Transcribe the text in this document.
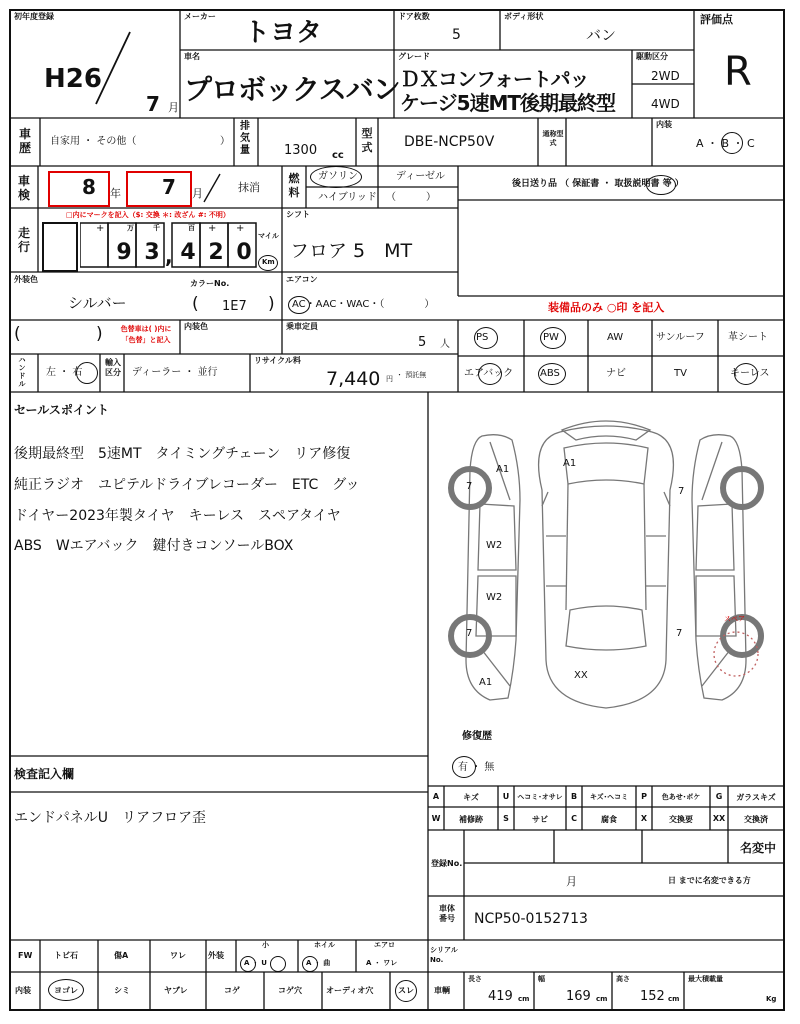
初年度登録
H26
7 月
メーカー
トヨタ
ドア枚数
5
ボディ形状
バン
評価点
R
車名
プロボックスバン
グレード
ＤＸコンフォートパッ
ケージ5速MT後期最終型
駆動区分
2WD
4WD
車歴 自家用 ・ その他（	）
排気量	1300 cc
型式 DBE-NCP50V	通称型式
内装
A ・ B ・ C
車検	8 年 7 月	抹消
燃料
ガソリン	ディーゼル
ハイブリッド （　　　）
後日送り品 （ 保証書 ・ 取扱説明書 等 ）
走行
□内にマークを記入（$: 交換 ＊: 改ざん #: 不明）
+	万	千	百 + +
9 3 , 4 2 0
マイル
Km
シフト
フロア 5　MT
外装色
シルバー
カラーNo.
( 1E7 )
エアコン
AC・AAC・WAC・（　　　　）	装備品のみ ○印 を記入
(	)	色替車は( )内に「色替」と記入
内装色	乗車定員
5 人
PS	PW	AW	サンルーフ 革シート
エアバック	ABS	ナビ	TV	キーレス
ハンドル
左 ・ 右
輸入区分 ディーラー ・ 並行
リサイクル料
7,440 円 ・ 預託無
セールスポイント
後期最終型　5速MT　タイミングチェーン　リア修復
純正ラジオ　ユピテルドライブレコーダー　ETC　グッ
ドイヤー2023年製タイヤ　キーレス　スペアタイヤ
ABS　Wエアバック　鍵付きコンソールBOX
検査記入欄
エンドパネルU　リアフロア歪
A1
A1
W2
W2
A1
XX
7	7
7	7
スペア
修復歴
有 ・ 無
A	キズ	U	ヘコミ･オサレ	B	キズ･ヘコミ	P	色あせ･ボケ	G	ガラスキズ
W	補修跡	S	サビ	C	腐食	X	交換要	XX	交換済
登録No.
名変中
月	日 までに名変できる方
車体番号 NCP50-0152713
FW	トビ石	傷A	ワレ	外装
小
A ・ U
ホイル
A ・ 曲
エアロ
A ・ ワレ
シリアルNo.
内装	ヨゴレ	シミ	ヤブレ	コゲ	コゲ穴	オーディオ穴	スレ	車輌
長さ
419 cm
幅
169 cm
高さ
152 cm
最大積載量
Kg
